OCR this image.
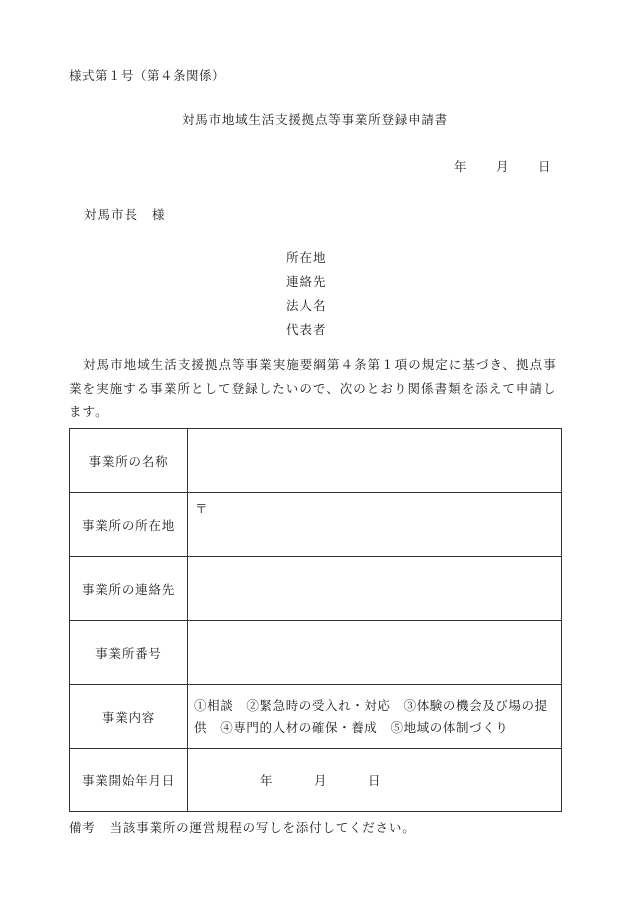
様式第１号（第４条関係）
対馬市地域生活支援拠点等事業所登録申請書
年	月	日
対馬市長 様
所在地
連絡先
法人名
代表者
対馬市地域生活支援拠点等事業実施要綱第４条第１項の規定に基づき、拠点事業を実施する事業所として登録したいので、次のとおり関係書類を添えて申請します。
事業所の名称	
事業所の所在地	〒

事業所の連絡先	
事業所番号	
事業内容	①相談　②緊急時の受入れ・対応　③体験の機会及び場の提供　④専門的人材の確保・養成　⑤地域の体制づくり

事業開始年月日	年 月 日
備考 当該事業所の運営規程の写しを添付してください。
